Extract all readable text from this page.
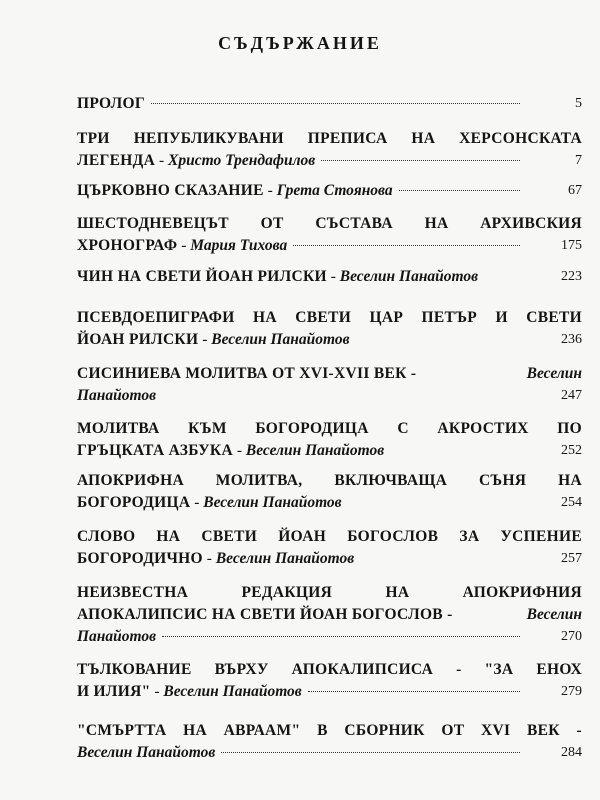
СЪДЪРЖАНИЕ
ПРОЛОГ	5
ТРИ НЕПУБЛИКУВАНИ ПРЕПИСА НА ХЕРСОНСКАТА
ЛЕГЕНДА - Христо Трендафилов	7
ЦЪРКОВНО СКАЗАНИЕ - Грета Стоянова	67
ШЕСТОДНЕВЕЦЪТ ОТ СЪСТАВА НА АРХИВСКИЯ
ХРОНОГРАФ - Мария Тихова	175
ЧИН НА СВЕТИ ЙОАН РИЛСКИ - Веселин Панайотов	223
ПСЕВДОЕПИГРАФИ НА СВЕТИ ЦАР ПЕТЪР И СВЕТИ
ЙОАН РИЛСКИ - Веселин Панайотов	236
СИСИНИЕВА МОЛИТВА ОТ XVI-XVII ВЕК -	Веселин
Панайотов	247
МОЛИТВА КЪМ БОГОРОДИЦА С АКРОСТИХ ПО
ГРЪЦКАТА АЗБУКА - Веселин Панайотов	252
АПОКРИФНА МОЛИТВА, ВКЛЮЧВАЩА СЪНЯ НА
БОГОРОДИЦА - Веселин Панайотов	254
СЛОВО НА СВЕТИ ЙОАН БОГОСЛОВ ЗА УСПЕНИЕ
БОГОРОДИЧНО - Веселин Панайотов	257
НЕИЗВЕСТНА РЕДАКЦИЯ НА АПОКРИФНИЯ
АПОКАЛИПСИС НА СВЕТИ ЙОАН БОГОСЛОВ -	Веселин
Панайотов	270
ТЪЛКОВАНИЕ ВЪРХУ АПОКАЛИПСИСА - "ЗА ЕНОХ
И ИЛИЯ" - Веселин Панайотов	279
"СМЪРТТА НА АВРААМ" В СБОРНИК ОТ XVI ВЕК -
Веселин Панайотов	284
